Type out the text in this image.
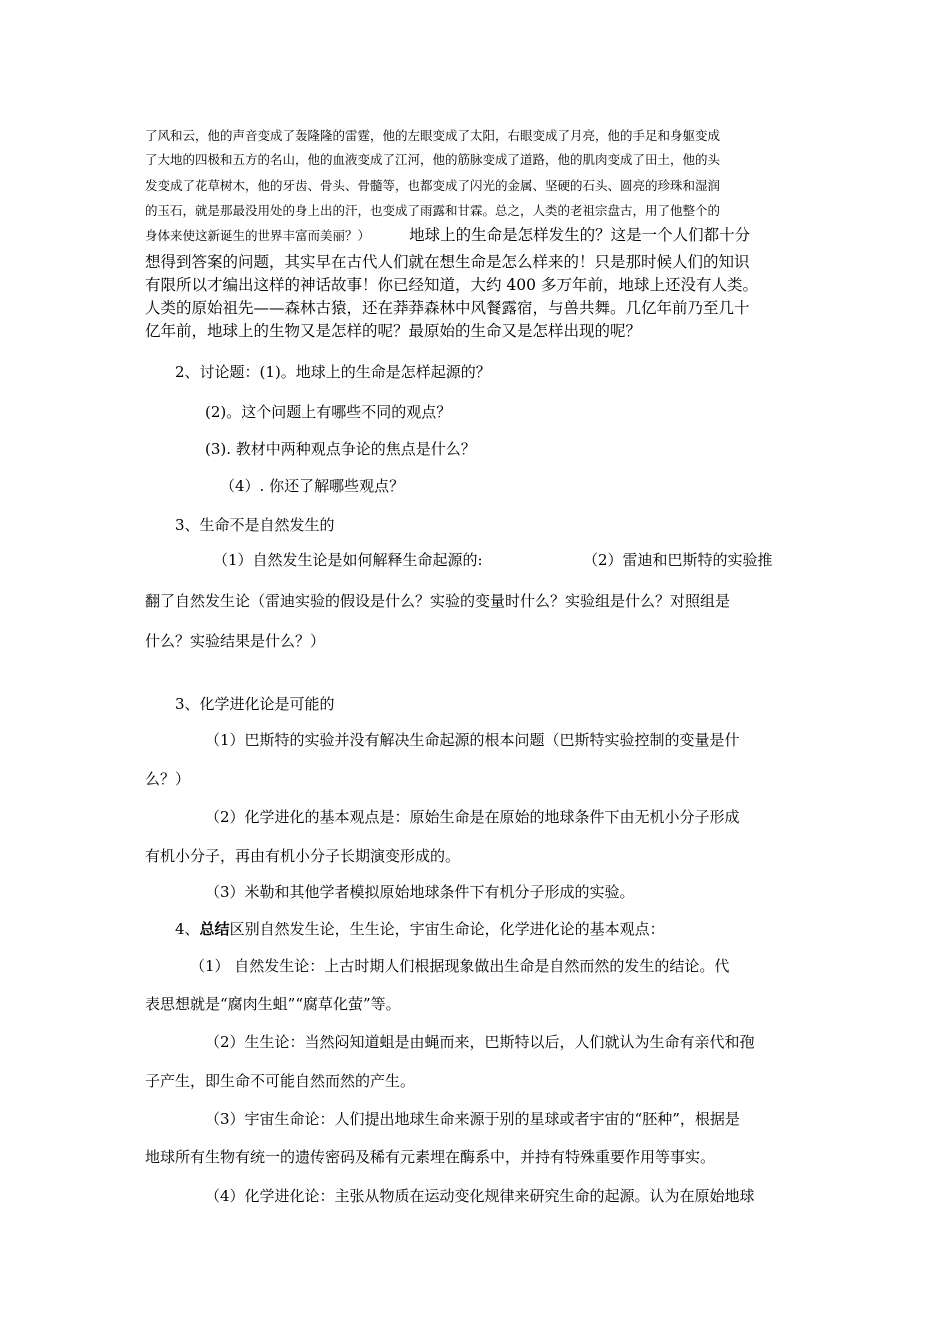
了风和云，他的声音变成了轰隆隆的雷霆，他的左眼变成了太阳，右眼变成了月亮，他的手足和身躯变成

了大地的四极和五方的名山，他的血液变成了江河，他的筋脉变成了道路，他的肌肉变成了田土，他的头

发变成了花草树木，他的牙齿、骨头、骨髓等，也都变成了闪光的金属、坚硬的石头、圆亮的珍珠和湿润

的玉石，就是那最没用处的身上出的汗，也变成了雨露和甘霖。总之，人类的老祖宗盘古，用了他整个的

身体来使这新诞生的世界丰富而美丽？）	地球上的生命是怎样发生的？这是一个人们都十分

想得到答案的问题，其实早在古代人们就在想生命是怎么样来的！只是那时候人们的知识

有限所以才编出这样的神话故事！你已经知道，大约 400 多万年前，地球上还没有人类。

人类的原始祖先——森林古猿，还在莽莽森林中风餐露宿，与兽共舞。几亿年前乃至几十

亿年前，地球上的生物又是怎样的呢？最原始的生命又是怎样出现的呢？

2、讨论题：(1)。地球上的生命是怎样起源的？

(2)。这个问题上有哪些不同的观点？

(3). 教材中两种观点争论的焦点是什么？

（4）. 你还了解哪些观点？

3、生命不是自然发生的

（1）自然发生论是如何解释生命起源的:	（2）雷迪和巴斯特的实验推

翻了自然发生论（雷迪实验的假设是什么？实验的变量时什么？实验组是什么？对照组是

什么？实验结果是什么？）

3、化学进化论是可能的

（1）巴斯特的实验并没有解决生命起源的根本问题（巴斯特实验控制的变量是什

么？）

（2）化学进化的基本观点是：原始生命是在原始的地球条件下由无机小分子形成

有机小分子，再由有机小分子长期演变形成的。

（3）米勒和其他学者模拟原始地球条件下有机分子形成的实验。

4、总结区别自然发生论，生生论，宇宙生命论，化学进化论的基本观点：

（1） 自然发生论：上古时期人们根据现象做出生命是自然而然的发生的结论。代

表思想就是“腐肉生蛆”“腐草化萤”等。

（2）生生论：当然闷知道蛆是由蝇而来，巴斯特以后，人们就认为生命有亲代和孢

子产生，即生命不可能自然而然的产生。

（3）宇宙生命论：人们提出地球生命来源于别的星球或者宇宙的“胚种”，根据是

地球所有生物有统一的遗传密码及稀有元素埋在酶系中，并持有特殊重要作用等事实。

（4）化学进化论：主张从物质在运动变化规律来研究生命的起源。认为在原始地球
